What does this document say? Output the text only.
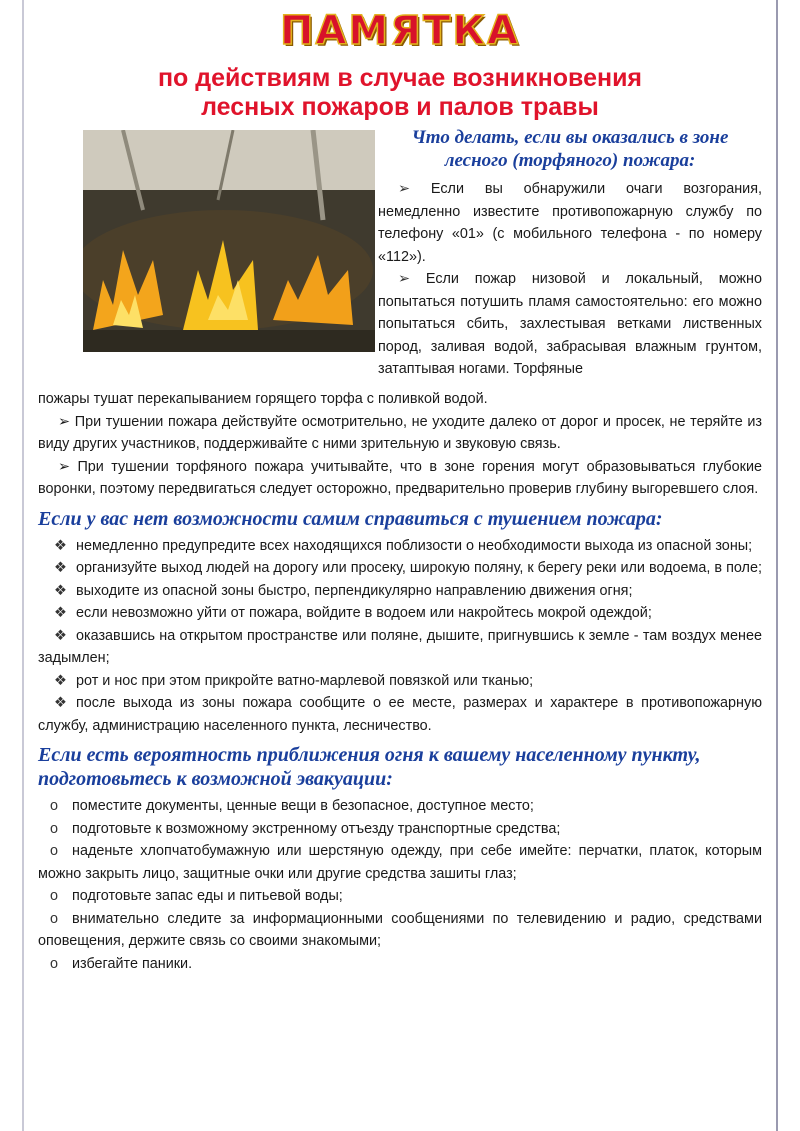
ПАМЯТКА
по действиям в случае возникновения
лесных пожаров и палов травы
Что делать, если вы оказались в зоне
лесного (торфяного) пожара:

➢ Если вы обнаружили очаги возгорания, немедленно известите противопожарную службу по телефону «01» (с мобильного телефона - по номеру «112»).

➢ Если пожар низовой и локальный, можно попытаться потушить пламя самостоятельно: его можно попытаться сбить, захлестывая ветками лиственных пород, заливая водой, забрасывая влажным грунтом, затаптывая ногами. Торфяные

пожары тушат перекапыванием горящего торфа с поливкой водой.

➢ При тушении пожара действуйте осмотрительно, не уходите далеко от дорог и просек, не теряйте из виду других участников, поддерживайте с ними зрительную и звуковую связь.

➢ При тушении торфяного пожара учитывайте, что в зоне горения могут образовываться глубокие воронки, поэтому передвигаться следует осторожно, предварительно проверив глубину выгоревшего слоя.

Если у вас нет возможности самим справиться с тушением пожара:

❖ немедленно предупредите всех находящихся поблизости о необходимости выхода из опасной зоны;

❖ организуйте выход людей на дорогу или просеку, широкую поляну, к берегу реки или водоема, в поле;

❖ выходите из опасной зоны быстро, перпендикулярно направлению движения огня;

❖ если невозможно уйти от пожара, войдите в водоем или накройтесь мокрой одеждой;

❖ оказавшись на открытом пространстве или поляне, дышите, пригнувшись к земле - там воздух менее задымлен;

❖ рот и нос при этом прикройте ватно-марлевой повязкой или тканью;

❖ после выхода из зоны пожара сообщите о ее месте, размерах и характере в противопожарную службу, администрацию населенного пункта, лесничество.

Если есть вероятность приближения огня к вашему населенному пункту, подготовьтесь к возможной эвакуации:

o поместите документы, ценные вещи в безопасное, доступное место;

o подготовьте к возможному экстренному отъезду транспортные средства;

o наденьте хлопчатобумажную или шерстяную одежду, при себе имейте: перчатки, платок, которым можно закрыть лицо, защитные очки или другие средства зашиты глаз;

o подготовьте запас еды и питьевой воды;

o внимательно следите за информационными сообщениями по телевидению и радио, средствами оповещения, держите связь со своими знакомыми;

o избегайте паники.
